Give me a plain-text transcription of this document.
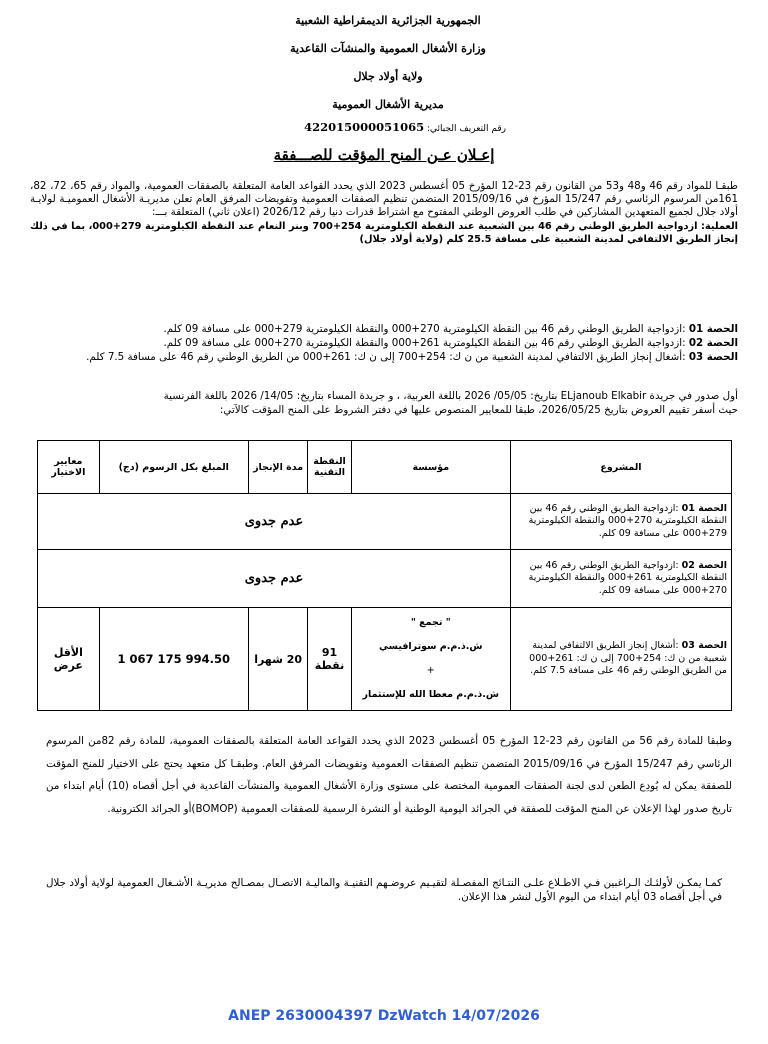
الجمهورية الجزائرية الديمقراطية الشعبية
وزارة الأشغال العمومية والمنشآت القاعدية
ولاية أولاد جلال
مديرية الأشغال العمومية
رقم التعريف الجبائي: 422015000051065
إعـلان عـن المنح المؤقت للصـــفقة

طبقـا للمواد رقم 46 و48 و53 من القانون رقم 23-12 المؤرخ 05 أغسطس 2023 الذي يحدد القواعد العامة المتعلقة بالصفقات العمومية، والمواد رقم 65، 72، 82، 161من المرسوم الرئاسي رقم 15/247 المؤرخ في 2015/09/16 المتضمن تنظيم الصفقات العمومية وتفويضات المرفق العام تعلن مديريـة الأشغال العموميـة لولايـة أولاد جلال لجميع المتعهدين المشاركين في طلب العروض الوطني المفتوح مع اشتراط قدرات دنيا رقم 2026/12 (اعلان ثاني) المتعلقة بـــ:

العملية: ازدواجية الطريق الوطني رقم 46 بين الشعبية عند النقطة الكيلومترية 254+700 وبنر النعام عند النقطة الكيلومترية 279+000، بما في ذلك إنجاز الطريق الالتفافي لمدينة الشعبية على مسافة 25.5 كلم (ولاية أولاد جلال)

الحصة 01 :ازدواجية الطريق الوطني رقم 46 بين النقطة الكيلومترية 270+000 والنقطة الكيلومترية 279+000 على مسافة 09 كلم.

الحصة 02 :ازدواجية الطريق الوطني رقم 46 بين النقطة الكيلومترية 261+000 والنقطة الكيلومترية 270+000 على مسافة 09 كلم.

الحصة 03 :أشغال إنجاز الطريق الالتفافي لمدينة الشعبية من ن ك: 254+700 إلى ن ك: 261+000 من الطريق الوطني رقم 46 على مسافة 7.5 كلم.

أول صدور في جريدة ELjanoub Elkabir بتاريخ: 05/05/ 2026 باللغة العربية، ، و جريدة المساء بتاريخ: 14/05/ 2026 باللغة الفرنسية

حيث أسفر تقييم العروض بتاريخ 2026/05/25، طبقا للمعايير المنصوص عليها في دفتر الشروط على المنح المؤقت كالآتي:

المشروع	مؤسسة	النقطة التقنية	مدة الإنجاز	المبلغ بكل الرسوم (دج)	معايير الاختيار
الحصة 01 :ازدواجية الطريق الوطني رقم 46 بين النقطة الكيلومترية 270+000 والنقطة الكيلومترية 279+000 على مسافة 09 كلم.	عدم جدوى				
الحصة 02 :ازدواجية الطريق الوطني رقم 46 بين النقطة الكيلومترية 261+000 والنقطة الكيلومترية 270+000 على مسافة 09 كلم.	عدم جدوى				
الحصة 03 :أشغال إنجاز الطريق الالتفافي لمدينة شعبية من ن ك: 254+700 إلى ن ك: 261+000 من الطريق الوطني رقم 46 على مسافة 7.5 كلم.	" تجمع "
ش.ذ.م.م سوترافيسي
+
ش.ذ.م.م معطا الله للإستثمار	91 نقطة	20 شهرا	1 067 175 994.50	الأقل عرض

وطبقا للمادة رقم 56 من القانون رقم 23-12 المؤرخ 05 أغسطس 2023 الذي يحدد القواعد العامة المتعلقة بالصفقات العمومية، للمادة رقم 82من المرسوم الرئاسي رقم 15/247 المؤرخ في 2015/09/16 المتضمن تنظيم الصفقات العمومية وتفويضات المرفق العام. وطبقـا كل متعهد يحتج على الاختيار للمنح المؤقت للصفقة يمكن له يُودِع الطعن لدى لجنة الصفقات العمومية المختصة على مستوى وزارة الأشغال العمومية والمنشآت القاعدية في أجل أقصاه (10) أيام ابتداء من تاريخ صدور لهذا الإعلان عن المنح المؤقت للصفقة في الجرائد اليومية الوطنية أو النشرة الرسمية للصفقات العمومية (BOMOP)أو الجرائد الكترونية.

كمـا يمكـن لأولئـك الـراغبين فـي الاطـلاع علـى النتـائج المفصـلة لتقيـيم عروضـهم التقنيـة والماليـة الاتصـال بمصـالح مديريـة الأشـغال العمومية لولاية أولاد جلال في أجل أقصاه 03 أيام ابتداء من اليوم الأول لنشر هذا الإعلان.

ANEP 2630004397 DzWatch 14/07/2026
